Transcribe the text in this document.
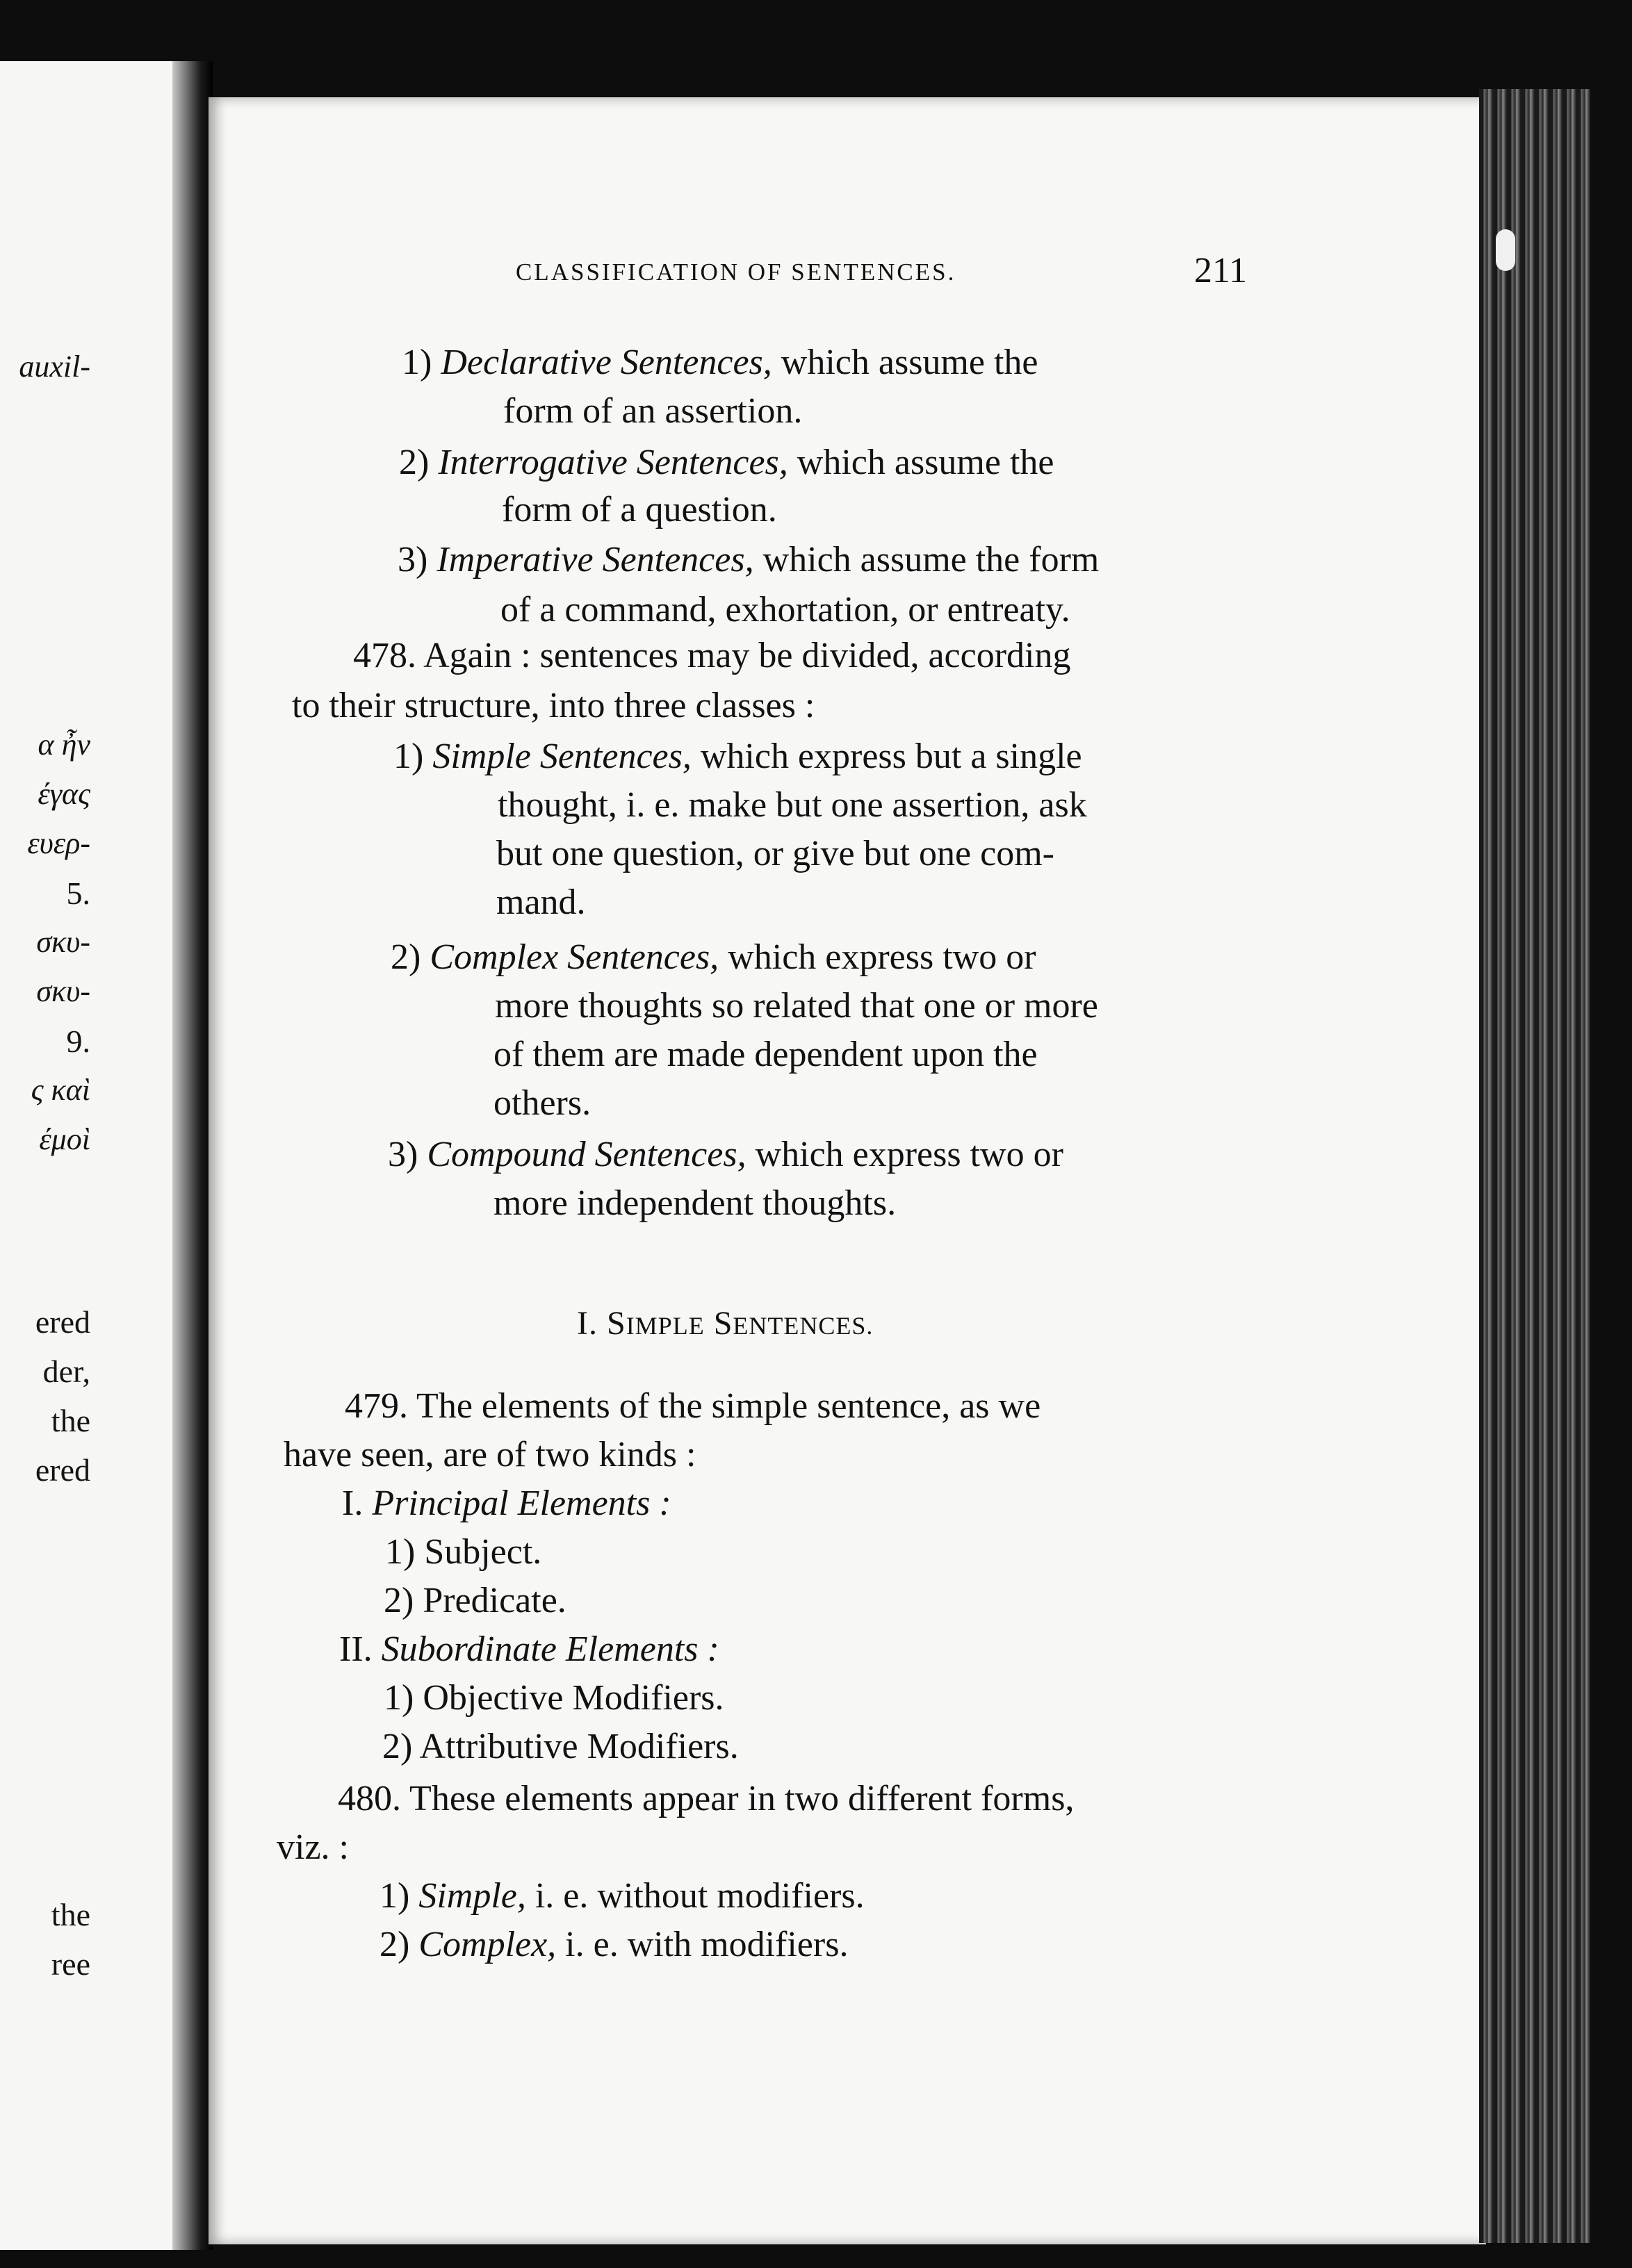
auxil-
α ἦν
έγας
ευερ-
5.
σκυ-
σκυ-
9.
ς καὶ
έμοὶ
ered
der,
the
ered
the
ree
CLASSIFICATION OF SENTENCES.	211
1) Declarative Sentences, which assume the
form of an assertion.
2) Interrogative Sentences, which assume the
form of a question.
3) Imperative Sentences, which assume the form
of a command, exhortation, or entreaty.
478. Again : sentences may be divided, according
to their structure, into three classes :
1) Simple Sentences, which express but a single
thought, i. e. make but one assertion, ask
but one question, or give but one com-
mand.
2) Complex Sentences, which express two or
more thoughts so related that one or more
of them are made dependent upon the
others.
3) Compound Sentences, which express two or
more independent thoughts.
I. SIMPLE SENTENCES.
479. The elements of the simple sentence, as we
have seen, are of two kinds :
I. Principal Elements :
1) Subject.
2) Predicate.
II. Subordinate Elements :
1) Objective Modifiers.
2) Attributive Modifiers.
480. These elements appear in two different forms,
viz. :
1) Simple, i. e. without modifiers.
2) Complex, i. e. with modifiers.
